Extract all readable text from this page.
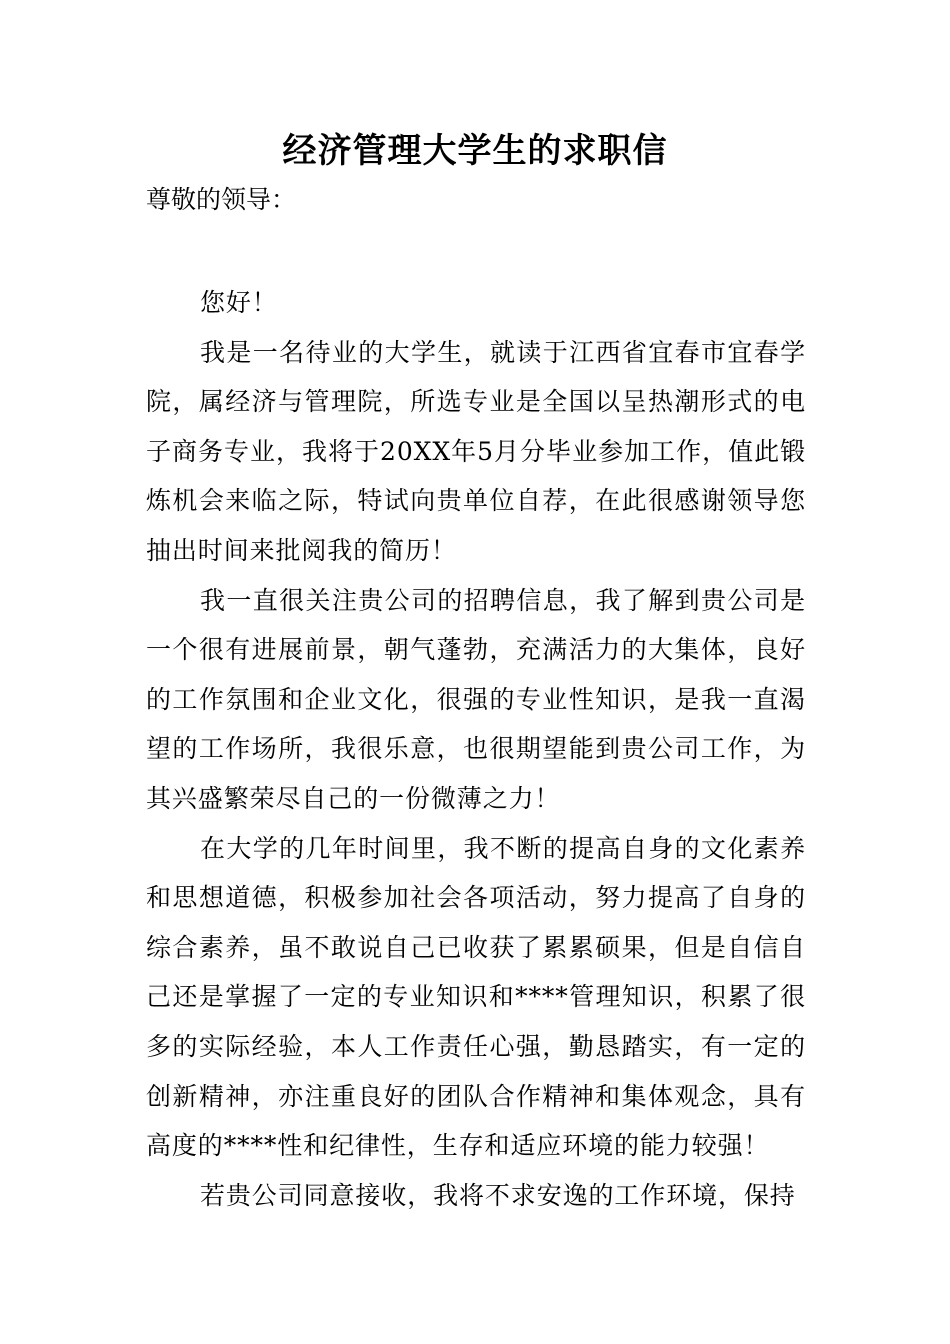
经济管理大学生的求职信

尊敬的领导：

您好！

我是一名待业的大学生，就读于江西省宜春市宜春学院，属经济与管理院，所选专业是全国以呈热潮形式的电子商务专业，我将于20XX年5月分毕业参加工作，值此锻炼机会来临之际，特试向贵单位自荐，在此很感谢领导您抽出时间来批阅我的简历！

我一直很关注贵公司的招聘信息，我了解到贵公司是一个很有进展前景，朝气蓬勃，充满活力的大集体，良好的工作氛围和企业文化，很强的专业性知识，是我一直渴望的工作场所，我很乐意，也很期望能到贵公司工作，为其兴盛繁荣尽自己的一份微薄之力！

在大学的几年时间里，我不断的提高自身的文化素养和思想道德，积极参加社会各项活动，努力提高了自身的综合素养，虽不敢说自己已收获了累累硕果，但是自信自己还是掌握了一定的专业知识和****管理知识，积累了很多的实际经验，本人工作责任心强，勤恳踏实，有一定的创新精神，亦注重良好的团队合作精神和集体观念，具有高度的****性和纪律性，生存和适应环境的能力较强！

若贵公司同意接收，我将不求安逸的工作环境，保持
